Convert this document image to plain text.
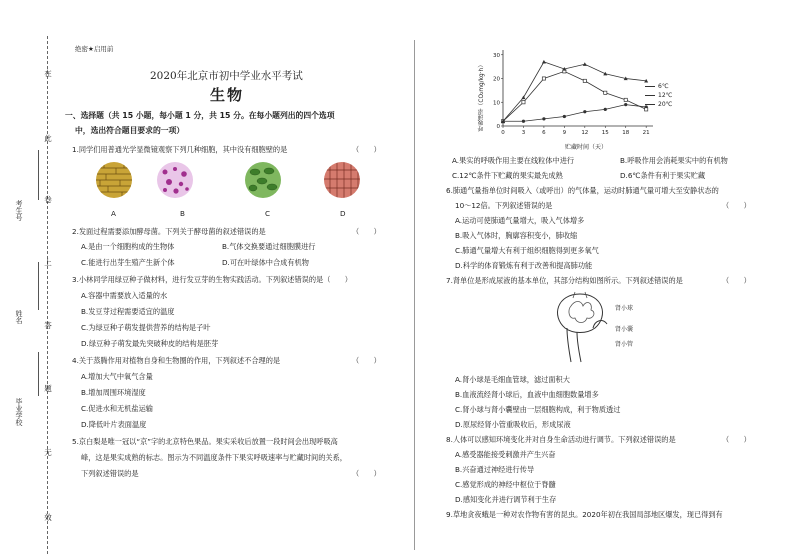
在
此
卷
上
答
题
无
效
考生号
姓名
毕业学校
绝密★启用前
2020年北京市初中学业水平考试
生物
一、选择题（共 15 小题，每小题 1 分，共 15 分。在每小题列出的四个选项
中，选出符合题目要求的一项）
1.同学们用普通光学显微镜观察下列几种细胞，其中没有细胞壁的是	（　　）
A	B	C	D
2.发面过程需要添加酵母菌。下列关于酵母菌的叙述错误的是	（　　）
A.是由一个细胞构成的生物体	B.气体交换要通过细胞膜进行
C.能进行出芽生殖产生新个体	D.可在叶绿体中合成有机物
3.小林同学用绿豆种子做材料，进行发豆芽的生物实践活动。下列叙述错误的是（　　）
A.容器中需要放入适量的水
B.发豆芽过程需要适宜的温度
C.为绿豆种子萌发提供营养的结构是子叶
D.绿豆种子萌发最先突破种皮的结构是胚芽
4.关于蒸腾作用对植物自身和生物圈的作用，下列叙述不合理的是	（　　）
A.增加大气中氧气含量
B.增加周围环境湿度
C.促进水和无机盐运输
D.降低叶片表面温度
5.京白梨是唯一冠以“京”字的北京特色果品。果实采收后放置一段时间会出现呼吸高
峰，这是果实成熟的标志。图示为不同温度条件下果实呼吸速率与贮藏时间的关系，
下列叙述错误的是	（　　）
0	3	6	9	12 15 18 21
0
10
20
30
呼吸速率（CO₂mg/kg·h）
贮藏时间（天）
6℃
12℃
20℃
A.果实的呼吸作用主要在线粒体中进行	B.呼吸作用会消耗果实中的有机物
C.12℃条件下贮藏的果实最先成熟	D.6℃条件有利于果实贮藏
6.肺通气量指单位时间吸入（或呼出）的气体量，运动时肺通气量可增大至安静状态的
10～12倍。下列叙述错误的是	（　　）
A.运动可使肺通气量增大，吸入气体增多
B.吸入气体时，胸廓容积变小，肺收缩
C.肺通气量增大有利于组织细胞得到更多氧气
D.科学的体育锻炼有利于改善和提高肺功能
7.肾单位是形成尿液的基本单位，其部分结构如图所示。下列叙述错误的是	（　　）
肾小球
肾小囊
肾小管
A.肾小球是毛细血管球，滤过面积大
B.血液流经肾小球后，血液中血细胞数量增多
C.肾小球与肾小囊壁由一层细胞构成，利于物质透过
D.原尿经肾小管重吸收后，形成尿液
8.人体可以感知环境变化并对自身生命活动进行调节。下列叙述错误的是	（　　）
A.感受器能接受刺激并产生兴奋
B.兴奋通过神经进行传导
C.感觉形成的神经中枢位于脊髓
D.感知变化并进行调节利于生存
9.草地贪夜蛾是一种对农作物有害的昆虫。2020年初在我国局部地区爆发，现已得到有
